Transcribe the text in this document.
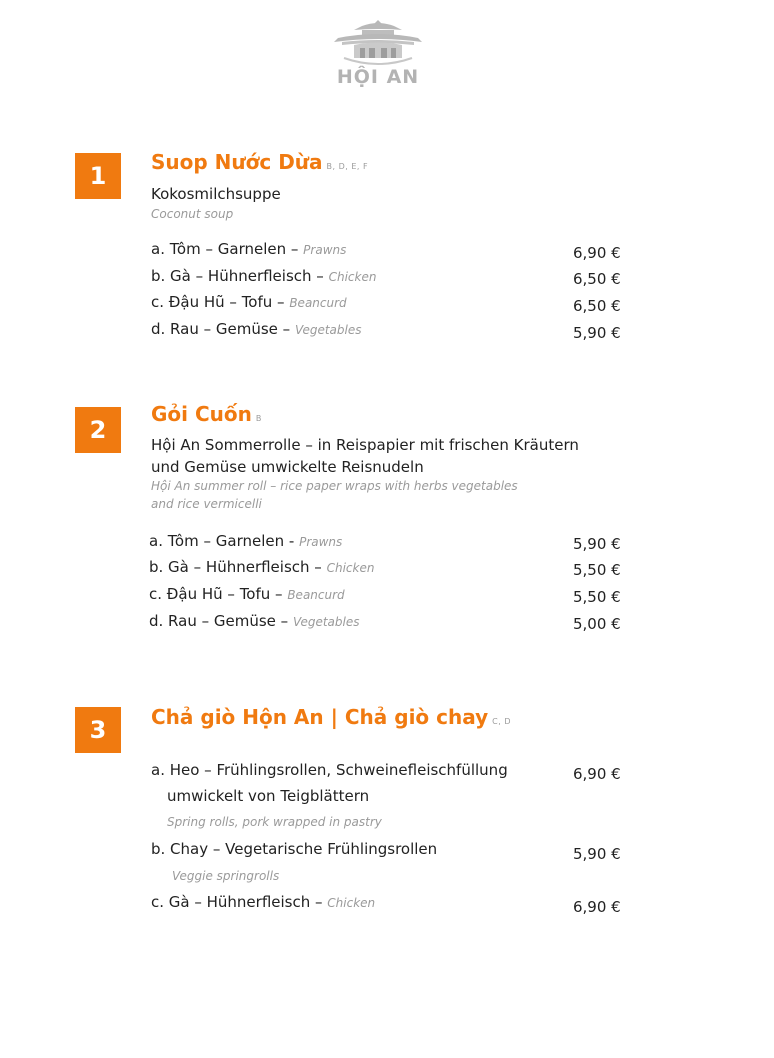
HỘI AN
1	Suop Nước Dừa B, D, E, F
Kokosmilchsuppe
Coconut soup
a. Tôm – Garnelen – Prawns	6,90 €
b. Gà – Hühnerfleisch – Chicken	6,50 €
c. Đậu Hũ – Tofu – Beancurd	6,50 €
d. Rau – Gemüse – Vegetables	5,90 €
2
Gỏi Cuốn B
Hội An Sommerrolle – in Reispapier mit frischen Kräutern
und Gemüse umwickelte Reisnudeln
Hội An summer roll – rice paper wraps with herbs vegetables
and rice vermicelli
a. Tôm – Garnelen - Prawns	5,90 €
b. Gà – Hühnerfleisch – Chicken	5,50 €
c. Đậu Hũ – Tofu – Beancurd	5,50 €
d. Rau – Gemüse – Vegetables	5,00 €
3	Chả giò Hộn An | Chả giò chay C, D
a. Heo – Frühlingsrollen, Schweinefleischfüllung	6,90 €
umwickelt von Teigblättern
Spring rolls, pork wrapped in pastry
b. Chay – Vegetarische Frühlingsrollen	5,90 €
Veggie springrolls
c. Gà – Hühnerfleisch – Chicken	6,90 €
